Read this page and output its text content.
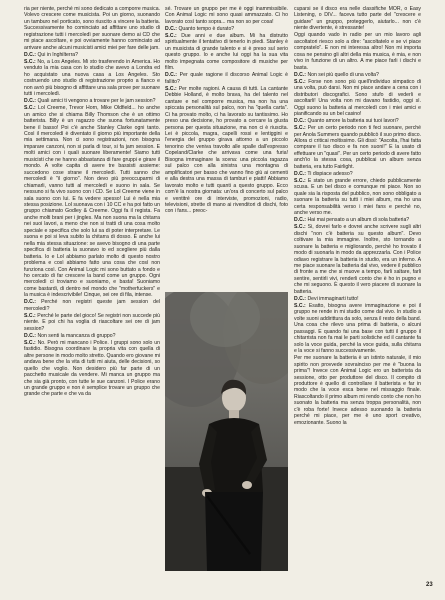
ria per niente, perché mi sono dedicato a comporre musica. Volevo crescere come musicista. Poi un giorno, suonando un tamburo nel porticato, sono riuscito a vincere la batteria. Successivamente ho cominciato ad affittare uno studio di registrazione tutti i mercoledì per suonare demo ai CD che mi piace ascoltare, e poi ovviamente hanno cominciato ad arrivare anche alcuni musicisti amici miei per fare delle jam.

D.C.: Qui in Inghilterra?

S.C.: No, a Los Angeles. Mi sto trasferendo in America. Ho venduto la mia casa con lo studio che avevo a Londra ed ho acquistato una nuova casa a Los Angeles. Sto costruendo uno studio di registrazione proprio a fianco e non avrò più bisogno di affittare una sala prove per suonare tutti i mercoledì.

D.C.: Quali amici ti vengono a trovare per le jam session?

S.C.: Lol Creeme, Trevor Horn, Mike Oldfield... ho anche un amico che si chiama Billy Thomson che è un ottimo batterista. Billy è un ragazzo che suona fortunatamente bene il basso! Poi c'è anche Stanley Clarke ogni tanto. Così il mercoledì è diventato il giorno più importante della mia settimana. Non ci sono registrazioni, non bisogna imparare canzoni, non si parla di tour, si fa jam session. E molti amici con i quali suonare liberamente! Siamo tutti musicisti che ne hanno abbastanza di fare gruppi e girare il mondo. A volte capita di avere tre bassisti assieme: succedono cose strane il mercoledì. Tutti sanno che mercoledì è "il giorno". Non devo più preoccuparmi di chiamarli, vanno tutti al mercoledì e suono in sala. Se nessuno si fa vivo suono con i CD. Se Lol Creeme viene in sala suono con lui. E fa vedere spesso! Lui è nella mia stessa posizione. Lol suonava con i 10 CC e ha poi fatto un gruppo chiamato Godley & Creeme. Oggi fa il regista. Fa anche molti brani per i jingles. Ma non suona ma la chitarra nei suoi lavori, a meno che non si tratti di una cosa molto speciale e specifica che solo lui sa di poter interpretare. Le suona e poi si leva subito la chitarra di dosso. È anche lui nella mia stessa situazione: se avevo bisogno di una parte specifica di batteria la suonavo io ed scegliere più dalla batteria. Io e Lol abbiamo parlato molto di questo nostro problema e così abbiamo fatto una cosa che così non funziona così. Con Animal Logic mi sono buttato a fondo e ho cercato di far crescere la band come un gruppo. Ogni mercoledì ci troviamo e suoniamo, e basta! Suoniamo come bastardi, di dentro nel mondo che "motherfuckers" e la musica è indescrivibile! Cinque, sei ore di fila, intense.

D.C.: Perché non registri queste jam session del mercoledì?

S.C.: Perché le parte del gioco! Se registri non succede più niente. E poi chi ha voglia di riascoltare sei ore di jam session?

D.C.: Non senti la mancanza di gruppo?

S.C.: No. Però mi mancano i Police. I gruppi sono solo un fastidio. Bisogna coordinare la propria vita con quella di altre persone in modo molto stretto. Quando ero giovane mi andava bene che la vita di tutti mi aiuta, delle decisioni, so quello che voglio. Non desidero più far parte di un pacchetto musicale da vendere. Mi manca un gruppo ma che sia già pronto, con tutte le sue canzoni. I Police erano un grande gruppo e non è semplice trovare un gruppo che grande che parte e che va da

sé. Trovare un gruppo per me è oggi inammissibile. Con Animal Logic mi sono quasi ammazzato. Ci ho lavorato così tanto sopra... ma non so per cosa!

D.C.: Quanto tempo è durato?

S.C.: Due anni e due album. Mi ha distrutto spiritualmente il tentativo di tenerlo in piedi. Stanley è un musicista di grande talento e si è preso sul serio questo gruppo. Io e anche lui oggi ha la sua vita molto impegnata come compositore di musiche per film.

D.C.: Per quale ragione il discorso Animal Logic è fallito?

S.C.: Per molte ragioni. A causa di tutti. La cantante Debbie Holland, è molto brava, ha del talento nel cantare e nel comporre musica, ma non ha una spiccata personalità sul palco, non ha "quella carta". Ci ha provato molto, ci ha lavorato su tantissimo. Ho preso una decisione, ho provato a cercare la giusta persona per questa situazione, ma non ci è riuscita. Lei è piccola, magra, capelli rossi e lentiggini e l'energia del gruppo girava attorno a un piccolo tenorino che veniva travolto alle spalle dall'espresso Copeland/Clarke che arrivava come una furia! Bisogna immaginare la scena: una piccola ragazza sul palco con alla sinistra una montagna di amplificatori per basso che vanno fino giù ai cementi e alla destra una massa di tamburi e piatti! Abbiamo lavorato molto e tutti quanti a questo gruppo. Ecco com'è la nostra giornata: un'ora di concerto sul palco e ventitré ore di interviste, promozioni, radio, televisioni, strette di mano ai rivenditori di dischi, foto con i fans... preoc-

cuparsi se il disco era nelle classifiche MOR, o Easy Listening, o DIV... faceva tutto parte del "crescere e guidare" un gruppo, proteggerlo, aiutarlo... non c'è niente divertente, è stressante!

Oggi quando vado in radio per un mio lavoro agli ascoltatori riesco solo a dire: "ascoltatelo e se vi piace compratelo". E non mi interessa altro! Non mi importa cosa ne pensino gli altri della mia musica, è mia, e non vivo in funzione di un altro. A me piace farli i dischi e basta.

D.C.: Non sei più quello di una volta?

S.C.: Forse non sono più quell'individuo simpatico di una volta, può darsi. Non mi piace andare a cena con i distributori discografici. Sono stufo di vederli e ascoltarli! Una volta non mi davano fastidio, oggi sì. Oggi suono la batteria al mercoledì con i miei amici e pianificando su un bel casino!

D.C.: Quanto amore la batteria sui tuoi lavori?

S.C.: Per un certo periodo non ti feci suonare, perché per Anola Summers quando pubblicò il suo primo disco. Allora ci criticai moltissimo. Gli dissi: "Ascolta, l'hai fatta comprare il tuo disco e fa non suoni!" E la usato di effettuare un "quasi". Per un certo periodo di avere fatto anch'io la stessa cosa, pubblicai un album senza batteria, era tutto Fairlight.

D.C.: Ti dispiace adesso?

S.C.: E stato un grande errore, chiedo pubblicamente scusa. E un bel disco e comunque mi piace. Non so quale sia la risposta del pubblico, non sono obbligato a suonare la batteria su tutti i miei album, ma ho una certa responsabilità verso i miei fans e perché no, anche verso me.

D.C.: Hai mai pensato a un album di sola batteria?

S.C.: Si, dovrei farlo e dovrei anche scrivere sugli altri dischi "non c'è batteria su questo album". Devo coltivare la mia immagine. Inoltre, sto tornando a suonare la batteria e migliorando, perché ho trovato il modo di suonarla in modo da apprezzarla. Con i Police odiavo registrare la batteria in studio, era un inferno. A me piace suonare la batteria dal vivo, vedere il pubblico di fronte a me che si muove a tempo, farli saltare, farli sentire, sentirli vivi, renderli conto che è ho in pugno e che mi seguono. È questo il vero piacere di suonare la batteria.

D.C.: Devi immaginarti tutto!

S.C.: Esatto, bisogna avere immaginazione e poi il gruppo ne rende in mi studio come dal vivo. In studio a volte suoni addirittura da solo, senza il resto della band. Una cosa che rilevo una prima di batteria, o alcuni passaggi. E quando fai una base con tutti il gruppo il chitarrista non fa mai le parti solistiche ed il cantante fa solo la voce guida, perché la voce guida, sulla chitarra e la voce si fanno successivamente.

Per me suonare la batteria è un istinto naturale, il mio spirito non provvede sovrainciso per me è "buona la prima"! Invece con Animal Logic ero un batterista da sessione, otto per produttore del disco. Il compito di produttore è quello di controllare il batterista e far in modo che la voce esca bene nel missaggio finale. Riascoltando il primo album mi rendo conto che non ho suonato la batteria ma senza troppa personalità, non c'è roba forte! Invece adesso suonando la batteria perché mi piace, per me è uno sport creativo, emozionante. Suono la

23
